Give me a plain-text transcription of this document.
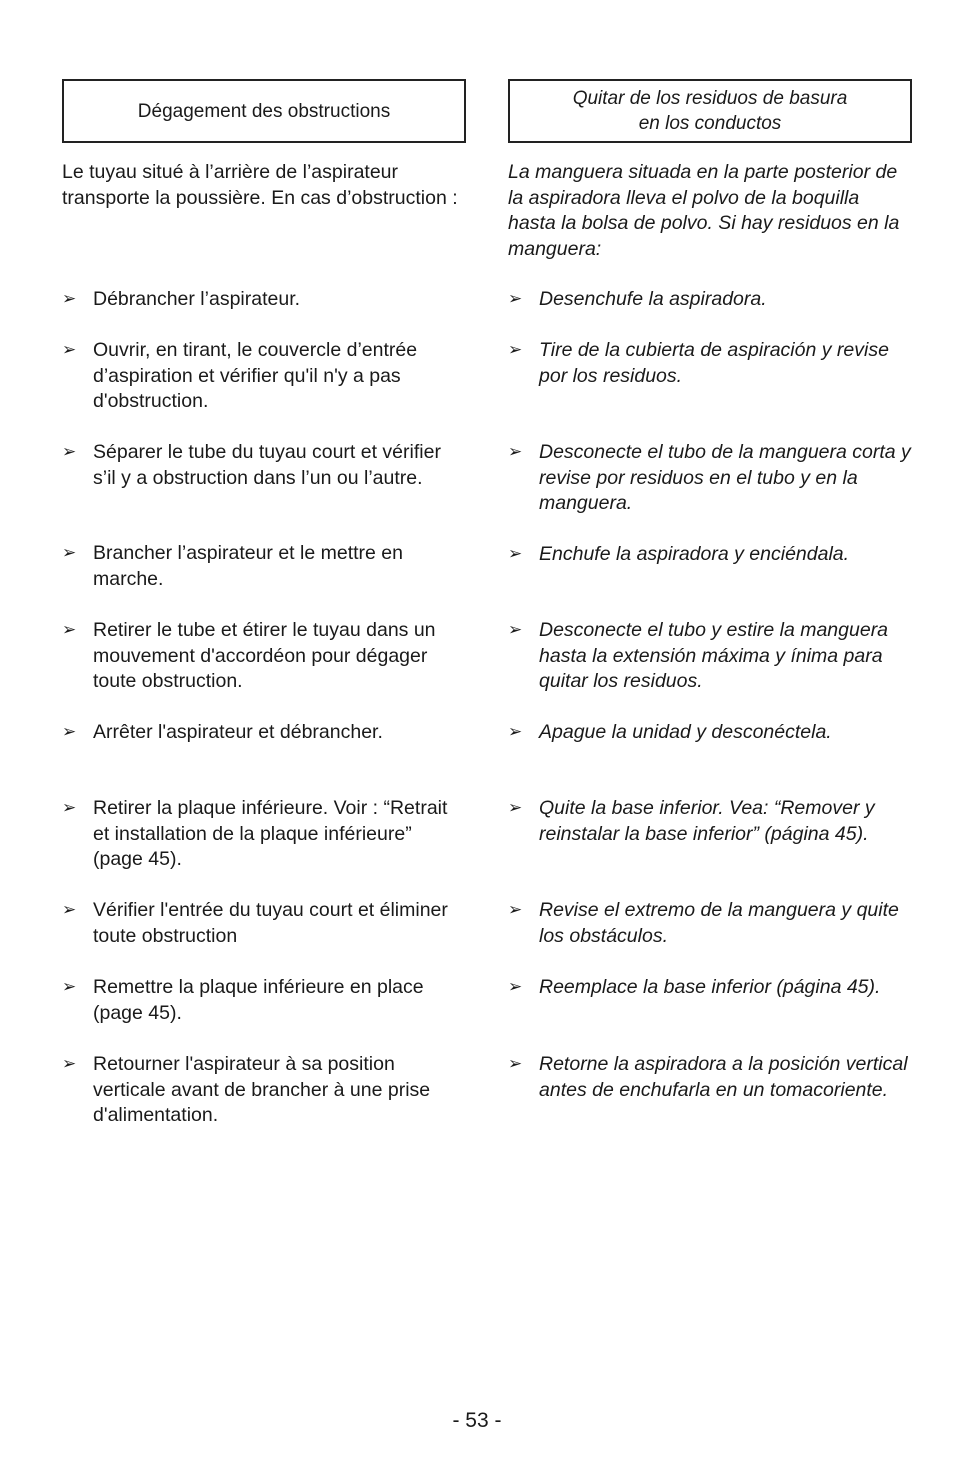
Dégagement des obstructions
Le tuyau situé à l’arrière de l’aspirateur transporte la poussière. En cas d’obstruction :
➢ Débrancher l’aspirateur.
➢ Ouvrir, en tirant, le couvercle d’entrée d’aspiration et vérifier qu'il n'y a pas d'obstruction.
➢ Séparer le tube du tuyau court et vérifier s’il y a obstruction dans l’un ou l’autre.
➢ Brancher l’aspirateur et le mettre en marche.
➢ Retirer le tube et étirer le tuyau dans un mouvement d'accordéon pour dégager toute obstruction.
➢ Arrêter l'aspirateur et débrancher.
➢ Retirer la plaque inférieure. Voir : “Retrait et installation de la plaque inférieure” (page 45).
➢ Vérifier l'entrée du tuyau court et éliminer toute obstruction
➢ Remettre la plaque inférieure en place (page 45).
➢ Retourner l'aspirateur à sa position verticale avant de brancher à une prise d'alimentation.
Quitar de los residuos de basura
en los conductos
La manguera situada en la parte posterior de la aspiradora lleva el polvo de la boquilla hasta la bolsa de polvo. Si hay residuos en la manguera:
➢ Desenchufe la aspiradora.
➢ Tire de la cubierta de aspiración y revise por los residuos.
➢ Desconecte el tubo de la manguera corta y revise por residuos en el tubo y en la manguera.
➢ Enchufe la aspiradora y enciéndala.
➢ Desconecte el tubo y estire la manguera hasta la extensión máxima y ínima para quitar los residuos.
➢ Apague la unidad y desconéctela.
➢ Quite la base inferior. Vea: “Remover y reinstalar la base inferior” (página 45).
➢ Revise el extremo de la manguera y quite los obstáculos.
➢ Reemplace la base inferior (página 45).
➢ Retorne la aspiradora a la posición vertical antes de enchufarla en un tomacoriente.
- 53 -
